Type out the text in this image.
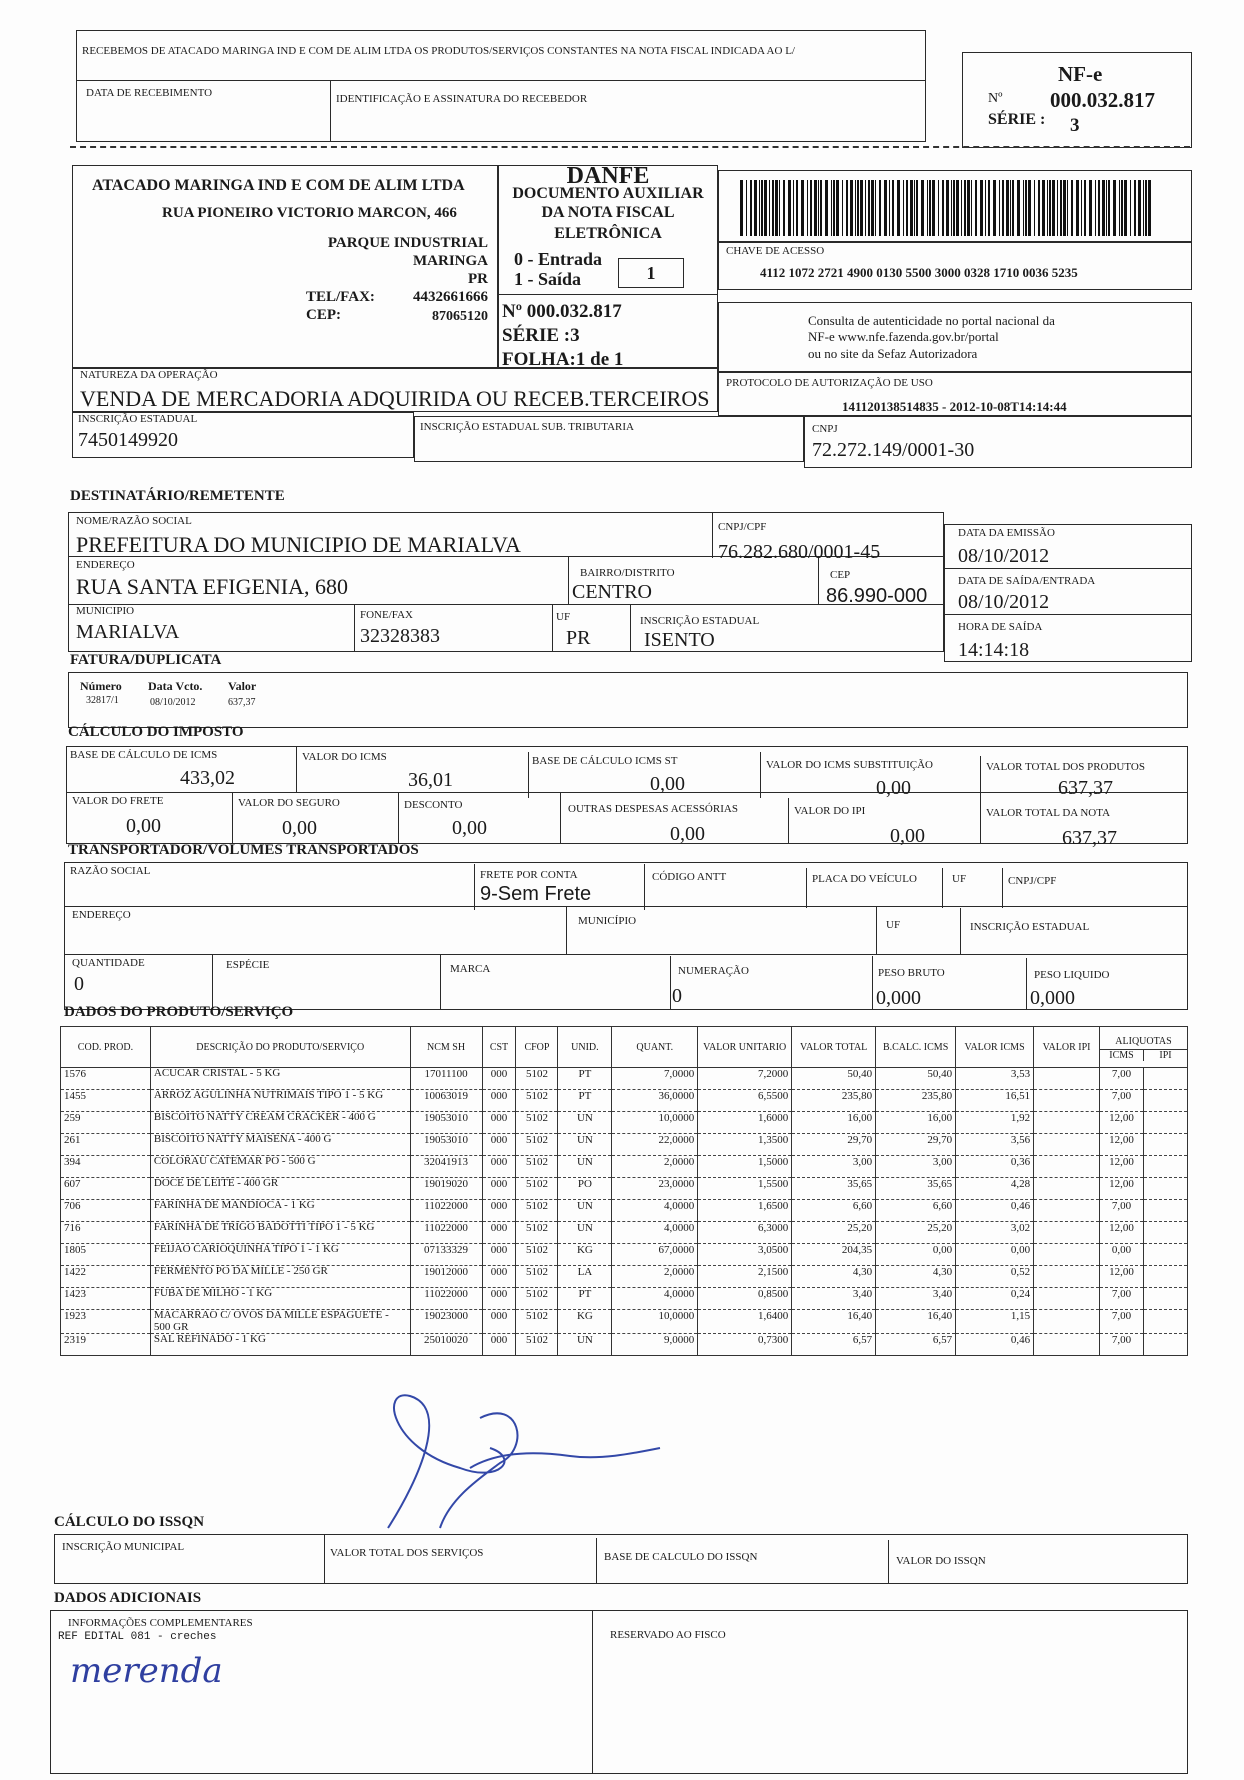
RECEBEMOS DE ATACADO MARINGA IND E COM DE ALIM LTDA OS PRODUTOS/SERVIÇOS CONSTANTES NA NOTA FISCAL INDICADA AO L/
DATA DE RECEBIMENTO	IDENTIFICAÇÃO E ASSINATURA DO RECEBEDOR
NF-e
Nº 000.032.817
SÉRIE : 3
ATACADO MARINGA IND E COM DE ALIM LTDA
RUA PIONEIRO VICTORIO MARCON, 466
PARQUE INDUSTRIAL
MARINGA
PR
TEL/FAX:	4432661666
CEP:	87065120
DANFE
DOCUMENTO AUXILIAR
DA NOTA FISCAL
ELETRÔNICA
0 - Entrada
1 - Saída	1
Nº 000.032.817
SÉRIE :3
FOLHA:1 de 1
CHAVE DE ACESSO
4112 1072 2721 4900 0130 5500 3000 0328 1710 0036 5235
Consulta de autenticidade no portal nacional da
NF-e www.nfe.fazenda.gov.br/portal
ou no site da Sefaz Autorizadora
NATUREZA DA OPERAÇÃO
VENDA DE MERCADORIA ADQUIRIDA OU RECEB.TERCEIROS
PROTOCOLO DE AUTORIZAÇÃO DE USO
141120138514835 - 2012-10-08T14:14:44
INSCRIÇÃO ESTADUAL
7450149920
INSCRIÇÃO ESTADUAL SUB. TRIBUTARIA	CNPJ
72.272.149/0001-30
DESTINATÁRIO/REMETENTE
NOME/RAZÃO SOCIAL
PREFEITURA DO MUNICIPIO DE MARIALVA
CNPJ/CPF
76.282.680/0001-45
ENDEREÇO
RUA SANTA EFIGENIA, 680
BAIRRO/DISTRITO
CENTRO
CEP
86.990-000
MUNICIPIO
MARIALVA
FONE/FAX
32328383
UF
PR
INSCRIÇÃO ESTADUAL
ISENTO
DATA DA EMISSÃO
08/10/2012
DATA DE SAÍDA/ENTRADA
08/10/2012
HORA DE SAÍDA
14:14:18
FATURA/DUPLICATA
Número Data Vcto. Valor
32817/1	08/10/2012	637,37
CÁLCULO DO IMPOSTO
BASE DE CÁLCULO DE ICMS
433,02
VALOR DO ICMS
36,01
BASE DE CÁLCULO ICMS ST
0,00
VALOR DO ICMS SUBSTITUIÇÃO
0,00
VALOR TOTAL DOS PRODUTOS
637,37
VALOR DO FRETE
0,00
VALOR DO SEGURO
0,00
DESCONTO
0,00
OUTRAS DESPESAS ACESSÓRIAS
0,00
VALOR DO IPI
0,00
VALOR TOTAL DA NOTA
637,37
TRANSPORTADOR/VOLUMES TRANSPORTADOS
RAZÃO SOCIAL	FRETE POR CONTA
9-Sem Frete
CÓDIGO ANTT	PLACA DO VEÍCULO	UF	CNPJ/CPF
ENDEREÇO	MUNICÍPIO	UF	INSCRIÇÃO ESTADUAL
QUANTIDADE
0
ESPÉCIE	MARCA	NUMERAÇÃO
0
PESO BRUTO
0,000
PESO LIQUIDO
0,000
DADOS DO PRODUTO/SERVIÇO
COD. PROD.	DESCRIÇÃO DO PRODUTO/SERVIÇO	NCM SH	CST	CFOP	UNID.	QUANT.	VALOR UNITARIO	VALOR TOTAL	B.CALC. ICMS	VALOR ICMS	VALOR IPI	ALIQUOTAS
ICMS IPI	

1576	ACUCAR CRISTAL - 5 KG	17011100	000	5102	PT	7,0000	7,2000	50,40	50,40	3,53		7,00	
1455	ARROZ AGULINHA NUTRIMAIS TIPO 1 - 5 KG	10063019	000	5102	PT	36,0000	6,5500	235,80	235,80	16,51		7,00	
259	BISCOITO NATTY CREAM CRACKER - 400 G	19053010	000	5102	UN	10,0000	1,6000	16,00	16,00	1,92		12,00	
261	BISCOITO NATTY MAISENA - 400 G	19053010	000	5102	UN	22,0000	1,3500	29,70	29,70	3,56		12,00	
394	COLORAU CATEMAR PO - 500 G	32041913	000	5102	UN	2,0000	1,5000	3,00	3,00	0,36		12,00	
607	DOCE DE LEITE - 400 GR	19019020	000	5102	PO	23,0000	1,5500	35,65	35,65	4,28		12,00	
706	FARINHA DE MANDIOCA - 1 KG	11022000	000	5102	UN	4,0000	1,6500	6,60	6,60	0,46		7,00	
716	FARINHA DE TRIGO BADOTTI TIPO 1 - 5 KG	11022000	000	5102	UN	4,0000	6,3000	25,20	25,20	3,02		12,00	
1805	FEIJAO CARIOQUINHA TIPO 1 - 1 KG	07133329	000	5102	KG	67,0000	3,0500	204,35	0,00	0,00		0,00	
1422	FERMENTO PO DA MILLE - 250 GR	19012000	000	5102	LA	2,0000	2,1500	4,30	4,30	0,52		12,00	
1423	FUBA DE MILHO - 1 KG	11022000	000	5102	PT	4,0000	0,8500	3,40	3,40	0,24		7,00	
1923	MACARRAO C/ OVOS DA MILLE ESPAGUETE - 500 GR	19023000	000	5102	KG	10,0000	1,6400	16,40	16,40	1,15		7,00	
2319	SAL REFINADO - 1 KG	25010020	000	5102	UN	9,0000	0,7300	6,57	6,57	0,46		7,00	
CÁLCULO DO ISSQN
INSCRIÇÃO MUNICIPAL	VALOR TOTAL DOS SERVIÇOS	BASE DE CALCULO DO ISSQN	VALOR DO ISSQN
DADOS ADICIONAIS
INFORMAÇÕES COMPLEMENTARES
REF EDITAL 081 - creches
merenda
RESERVADO AO FISCO
